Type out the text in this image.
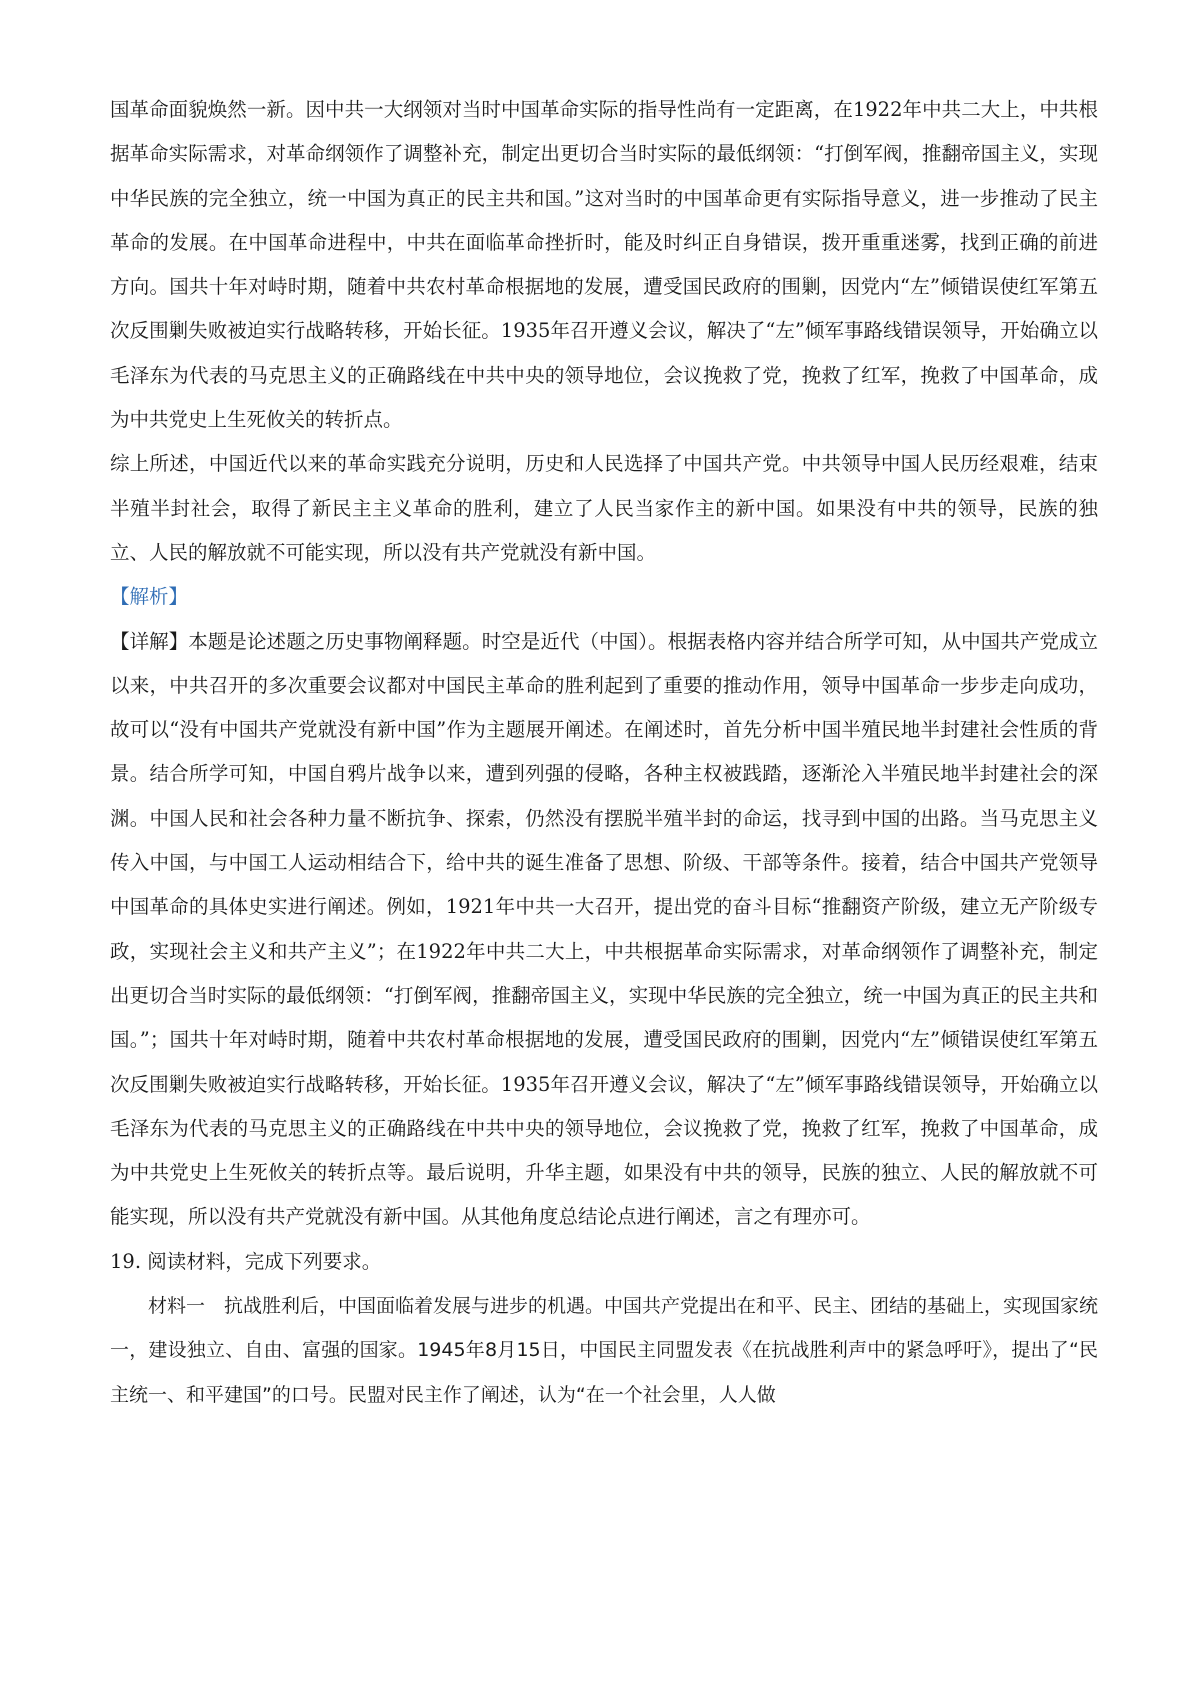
国革命面貌焕然一新。因中共一大纲领对当时中国革命实际的指导性尚有一定距离，在1922年中共二大上，中共根据革命实际需求，对革命纲领作了调整补充，制定出更切合当时实际的最低纲领：“打倒军阀，推翻帝国主义，实现中华民族的完全独立，统一中国为真正的民主共和国。”这对当时的中国革命更有实际指导意义，进一步推动了民主革命的发展。在中国革命进程中，中共在面临革命挫折时，能及时纠正自身错误，拨开重重迷雾，找到正确的前进方向。国共十年对峙时期，随着中共农村革命根据地的发展，遭受国民政府的围剿，因党内“左”倾错误使红军第五次反围剿失败被迫实行战略转移，开始长征。1935年召开遵义会议，解决了“左”倾军事路线错误领导，开始确立以毛泽东为代表的马克思主义的正确路线在中共中央的领导地位，会议挽救了党，挽救了红军，挽救了中国革命，成为中共党史上生死攸关的转折点。

综上所述，中国近代以来的革命实践充分说明，历史和人民选择了中国共产党。中共领导中国人民历经艰难，结束半殖半封社会，取得了新民主主义革命的胜利，建立了人民当家作主的新中国。如果没有中共的领导，民族的独立、人民的解放就不可能实现，所以没有共产党就没有新中国。

【解析】

【详解】本题是论述题之历史事物阐释题。时空是近代（中国）。根据表格内容并结合所学可知，从中国共产党成立以来，中共召开的多次重要会议都对中国民主革命的胜利起到了重要的推动作用，领导中国革命一步步走向成功，故可以“没有中国共产党就没有新中国”作为主题展开阐述。在阐述时，首先分析中国半殖民地半封建社会性质的背景。结合所学可知，中国自鸦片战争以来，遭到列强的侵略，各种主权被践踏，逐渐沦入半殖民地半封建社会的深渊。中国人民和社会各种力量不断抗争、探索，仍然没有摆脱半殖半封的命运，找寻到中国的出路。当马克思主义传入中国，与中国工人运动相结合下，给中共的诞生准备了思想、阶级、干部等条件。接着，结合中国共产党领导中国革命的具体史实进行阐述。例如，1921年中共一大召开，提出党的奋斗目标“推翻资产阶级，建立无产阶级专政，实现社会主义和共产主义”；在1922年中共二大上，中共根据革命实际需求，对革命纲领作了调整补充，制定出更切合当时实际的最低纲领：“打倒军阀，推翻帝国主义，实现中华民族的完全独立，统一中国为真正的民主共和国。”；国共十年对峙时期，随着中共农村革命根据地的发展，遭受国民政府的围剿，因党内“左”倾错误使红军第五次反围剿失败被迫实行战略转移，开始长征。1935年召开遵义会议，解决了“左”倾军事路线错误领导，开始确立以毛泽东为代表的马克思主义的正确路线在中共中央的领导地位，会议挽救了党，挽救了红军，挽救了中国革命，成为中共党史上生死攸关的转折点等。最后说明，升华主题，如果没有中共的领导，民族的独立、人民的解放就不可能实现，所以没有共产党就没有新中国。从其他角度总结论点进行阐述，言之有理亦可。

19. 阅读材料，完成下列要求。

材料一　抗战胜利后，中国面临着发展与进步的机遇。中国共产党提出在和平、民主、团结的基础上，实现国家统一，建设独立、自由、富强的国家。1945年8月15日，中国民主同盟发表《在抗战胜利声中的紧急呼吁》，提出了“民主统一、和平建国”的口号。民盟对民主作了阐述，认为“在一个社会里，人人做
